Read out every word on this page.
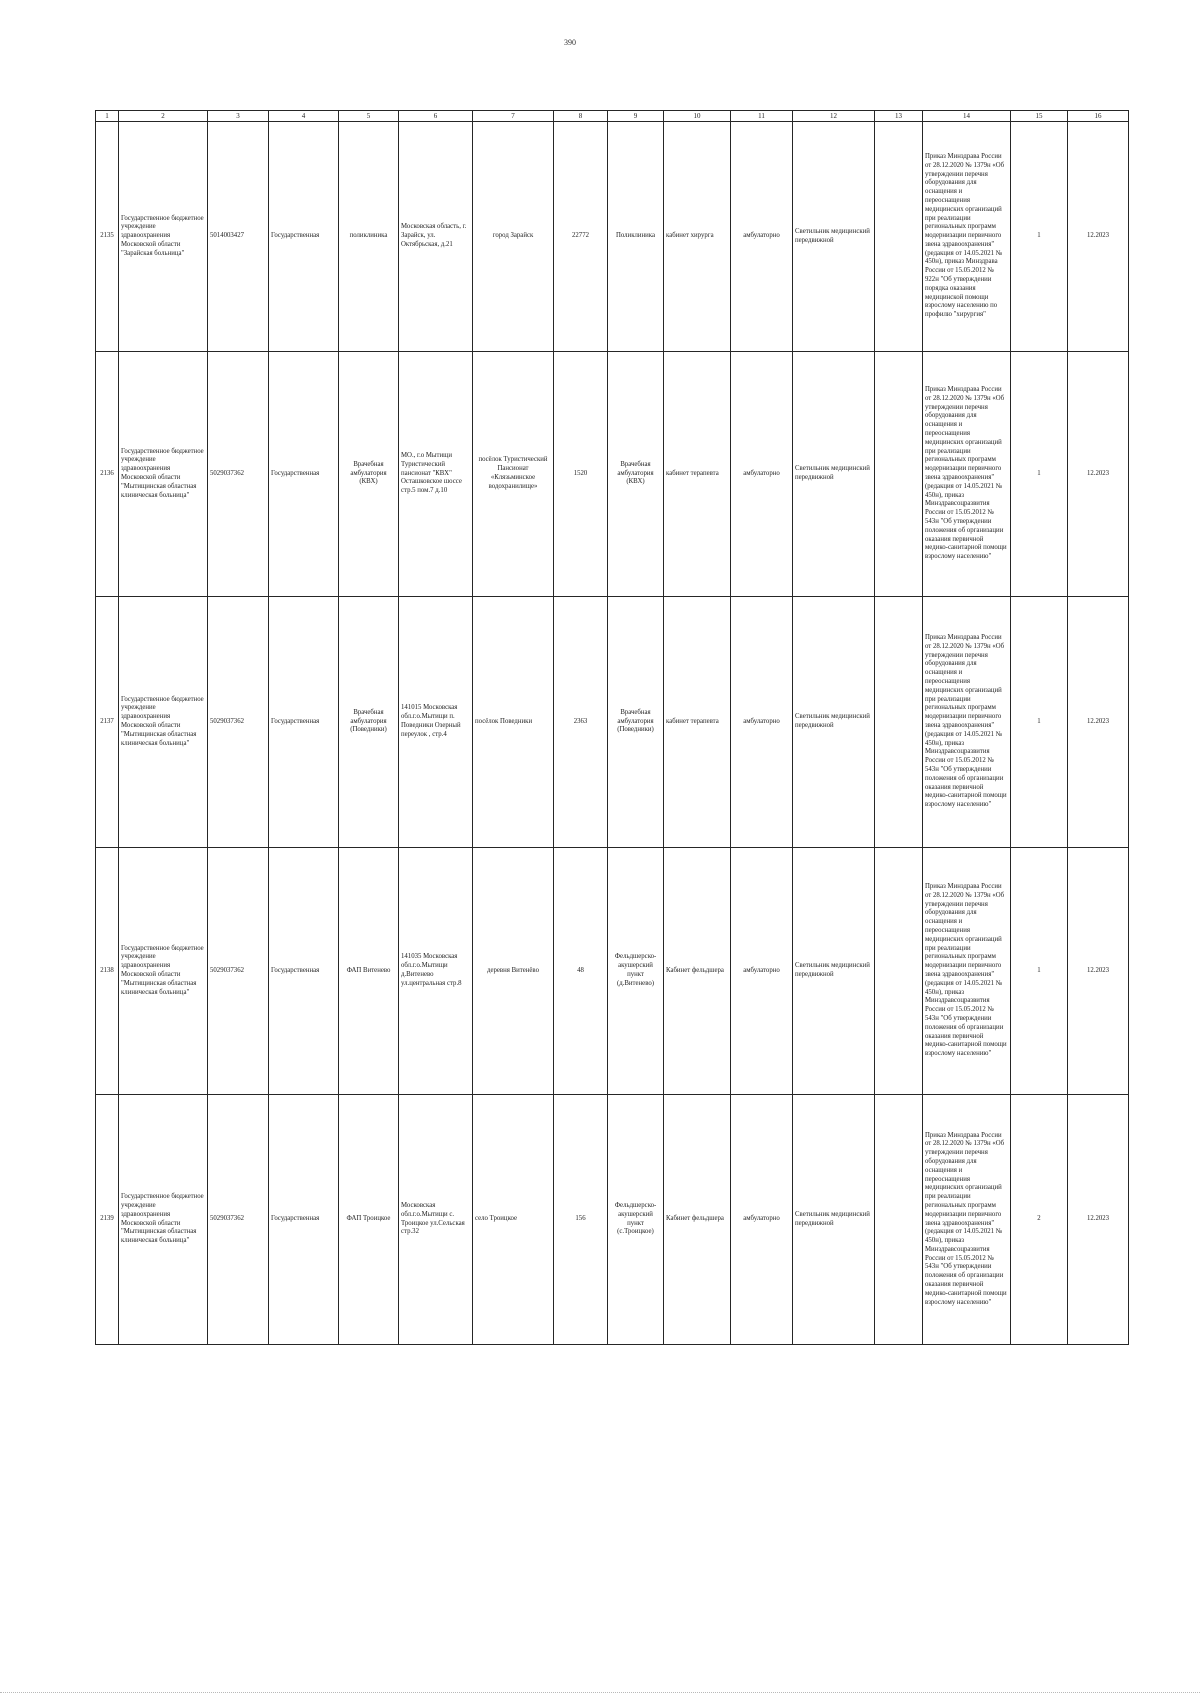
390
1	2	3	4	5	6	7	8	9	10	11	12	13	14	15	16
2135	Государственное бюджетное учреждение здравоохранения Московской области "Зарайская больница"	5014003427	Государственная	поликлиника	Московская область, г. Зарайск, ул. Октябрьская, д.21	город Зарайск	22772	Поликлиника	кабинет хирурга	амбулаторно	Светильник медицинский передвижной		Приказ Минздрава России от 28.12.2020 № 1379н «Об утверждении перечня оборудования для оснащения и переоснащения медицинских организаций при реализации региональных программ модернизации первичного звена здравоохранения"(редакция от 14.05.2021 № 450н), приказ Минздрава России от 15.05.2012 № 922н "Об утверждении порядка оказания медицинской помощи взрослому населению по профилю "хирургия"	1	12.2023
2136	Государственное бюджетное учреждение здравоохранения Московской области "Мытищинская областная клиническая больница"	5029037362	Государственная	Врачебная амбулатория (КВХ)	МО., г.о Мытищи Туристический пансионат "КВХ" Осташковское шоссе стр.5 пом.7 д.10	посёлок Туристический Пансионат «Клязьминское водохранилище»	1520	Врачебная амбулатория (КВХ)	кабинет терапевта	амбулаторно	Светильник медицинский передвижной		Приказ Минздрава России от 28.12.2020 № 1379н «Об утверждении перечня оборудования для оснащения и переоснащения медицинских организаций при реализации региональных программ модернизации первичного звена здравоохранения"(редакция от 14.05.2021 № 450н), приказ Минздравсоцразвития России от 15.05.2012 № 543н "Об утверждении положения об организации оказания первичной медико-санитарной помощи взрослому населению"	1	12.2023
2137	Государственное бюджетное учреждение здравоохранения Московской области "Мытищинская областная клиническая больница"	5029037362	Государственная	Врачебная амбулатория (Поведники)	141015 Московская обл.г.о.Мытищи п. Поведники Озерный переулок , стр.4	посёлок Поведники	2363	Врачебная амбулатория (Поведники)	кабинет терапевта	амбулаторно	Светильник медицинский передвижной		Приказ Минздрава России от 28.12.2020 № 1379н «Об утверждении перечня оборудования для оснащения и переоснащения медицинских организаций при реализации региональных программ модернизации первичного звена здравоохранения"(редакция от 14.05.2021 № 450н), приказ Минздравсоцразвития России от 15.05.2012 № 543н "Об утверждении положения об организации оказания первичной медико-санитарной помощи взрослому населению"	1	12.2023
2138	Государственное бюджетное учреждение здравоохранения Московской области "Мытищинская областная клиническая больница"	5029037362	Государственная	ФАП Витенево	141035 Московская обл.г.о.Мытищи д.Витенево ул.центральная стр.8	деревня Витенёво	48	Фельдшерско-акушерский пункт (д.Витенево)	Кабинет фельдшера	амбулаторно	Светильник медицинский передвижной		Приказ Минздрава России от 28.12.2020 № 1379н «Об утверждении перечня оборудования для оснащения и переоснащения медицинских организаций при реализации региональных программ модернизации первичного звена здравоохранения"(редакция от 14.05.2021 № 450н), приказ Минздравсоцразвития России от 15.05.2012 № 543н "Об утверждении положения об организации оказания первичной медико-санитарной помощи взрослому населению"	1	12.2023
2139	Государственное бюджетное учреждение здравоохранения Московской области "Мытищинская областная клиническая больница"	5029037362	Государственная	ФАП Троицкое	Московская обл.г.о.Мытищи с. Троицкое ул.Сельская стр.32	село Троицкое	156	Фельдшерско-акушерский пункт (с.Троицкое)	Кабинет фельдшера	амбулаторно	Светильник медицинский передвижной		Приказ Минздрава России от 28.12.2020 № 1379н «Об утверждении перечня оборудования для оснащения и переоснащения медицинских организаций при реализации региональных программ модернизации первичного звена здравоохранения"(редакция от 14.05.2021 № 450н), приказ Минздравсоцразвития России от 15.05.2012 № 543н "Об утверждении положения об организации оказания первичной медико-санитарной помощи взрослому населению"	2	12.2023
